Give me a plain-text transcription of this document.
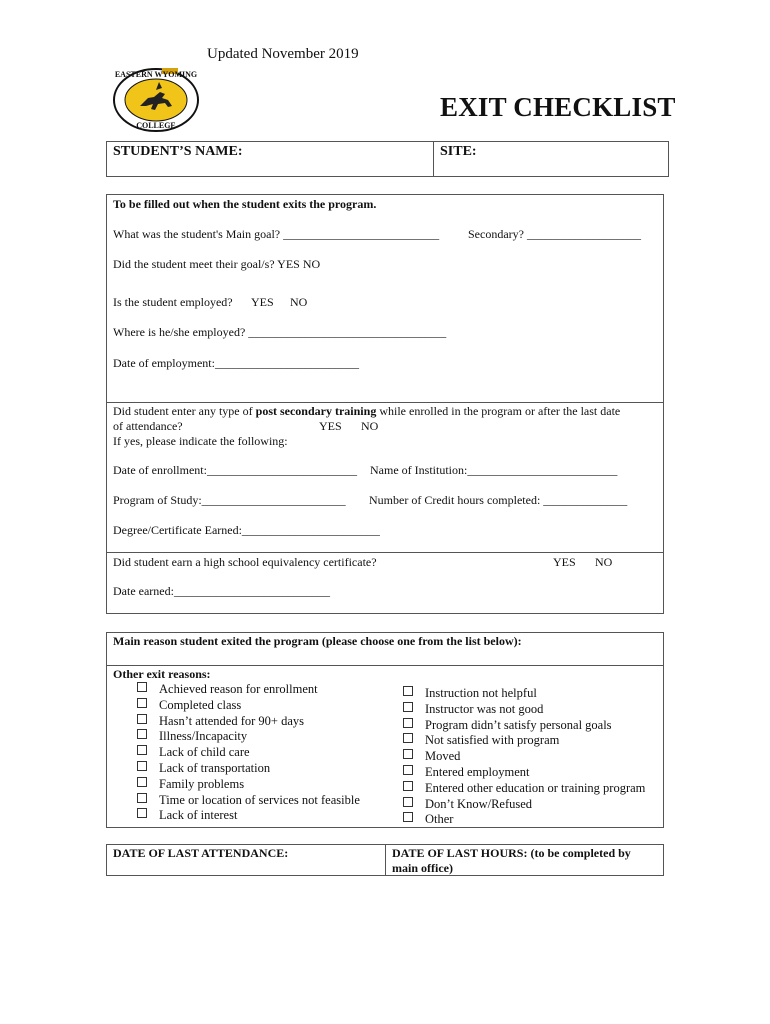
Updated November 2019
EASTERN WYOMING
COLLEGE
EXIT CHECKLIST
STUDENT’S NAME:	SITE:
To be filled out when the student exits the program.
What was the student's Main goal? __________________________ Secondary? ___________________
Did the student meet their goal/s? YES NO
Is the student employed? YES NO
Where is he/she employed? _________________________________
Date of employment:________________________
Did student enter any type of post secondary training while enrolled in the program or after the last date
of attendance?	YES NO
If yes, please indicate the following:
Date of enrollment:_________________________ Name of Institution:_________________________
Program of Study:________________________ Number of Credit hours completed: ______________
Degree/Certificate Earned:_______________________
Did student earn a high school equivalency certificate?	YES NO
Date earned:__________________________
Main reason student exited the program (please choose one from the list below):
Other exit reasons:
Achieved reason for enrollment
Completed class
Hasn’t attended for 90+ days
Illness/Incapacity
Lack of child care
Lack of transportation
Family problems
Time or location of services not feasible
Lack of interest
Instruction not helpful
Instructor was not good
Program didn’t satisfy personal goals
Not satisfied with program
Moved
Entered employment
Entered other education or training program
Don’t Know/Refused
Other
DATE OF LAST ATTENDANCE:	DATE OF LAST HOURS: (to be completed by main office)
